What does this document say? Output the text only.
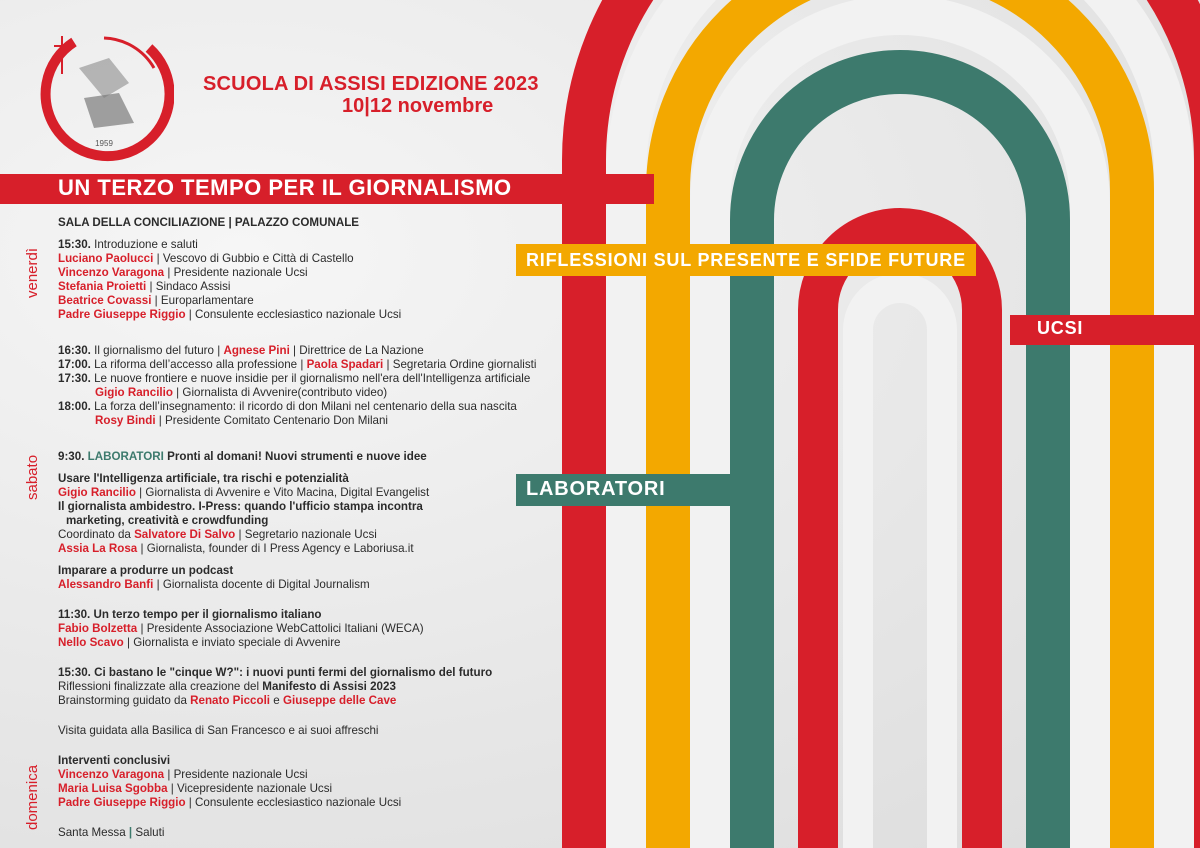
1959
SCUOLA DI ASSISI EDIZIONE 2023
10|12 novembre
UN TERZO TEMPO PER IL GIORNALISMO
RIFLESSIONI SUL PRESENTE E SFIDE FUTURE
UCSI
LABORATORI
venerdì
sabato
domenica

SALA DELLA CONCILIAZIONE | PALAZZO COMUNALE

15:30. Introduzione e saluti

Luciano Paolucci | Vescovo di Gubbio e Città di Castello

Vincenzo Varagona | Presidente nazionale Ucsi

Stefania Proietti | Sindaco Assisi

Beatrice Covassi | Europarlamentare

Padre Giuseppe Riggio | Consulente ecclesiastico nazionale Ucsi

16:30. Il giornalismo del futuro | Agnese Pini | Direttrice de La Nazione

17:00. La riforma dell’accesso alla professione | Paola Spadari | Segretaria Ordine giornalisti

17:30. Le nuove frontiere e nuove insidie per il giornalismo nell'era dell'Intelligenza artificiale

Gigio Rancilio | Giornalista di Avvenire(contributo video)

18:00. La forza dell’insegnamento: il ricordo di don Milani nel centenario della sua nascita

Rosy Bindi | Presidente Comitato Centenario Don Milani

9:30. LABORATORI Pronti al domani! Nuovi strumenti e nuove idee

Usare l'Intelligenza artificiale, tra rischi e potenzialità

Gigio Rancilio | Giornalista di Avvenire e Vito Macina, Digital Evangelist

Il giornalista ambidestro. I-Press: quando l'ufficio stampa incontra

marketing, creatività e crowdfunding

Coordinato da Salvatore Di Salvo | Segretario nazionale Ucsi

Assia La Rosa | Giornalista, founder di I Press Agency e Laboriusa.it

Imparare a produrre un podcast

Alessandro Banfi | Giornalista docente di Digital Journalism

11:30. Un terzo tempo per il giornalismo italiano

Fabio Bolzetta | Presidente Associazione WebCattolici Italiani (WECA)

Nello Scavo | Giornalista e inviato speciale di Avvenire

15:30. Ci bastano le "cinque W?": i nuovi punti fermi del giornalismo del futuro

Riflessioni finalizzate alla creazione del Manifesto di Assisi 2023

Brainstorming guidato da Renato Piccoli e Giuseppe delle Cave

Visita guidata alla Basilica di San Francesco e ai suoi affreschi

Interventi conclusivi

Vincenzo Varagona | Presidente nazionale Ucsi

Maria Luisa Sgobba | Vicepresidente nazionale Ucsi

Padre Giuseppe Riggio | Consulente ecclesiastico nazionale Ucsi

Santa Messa | Saluti
